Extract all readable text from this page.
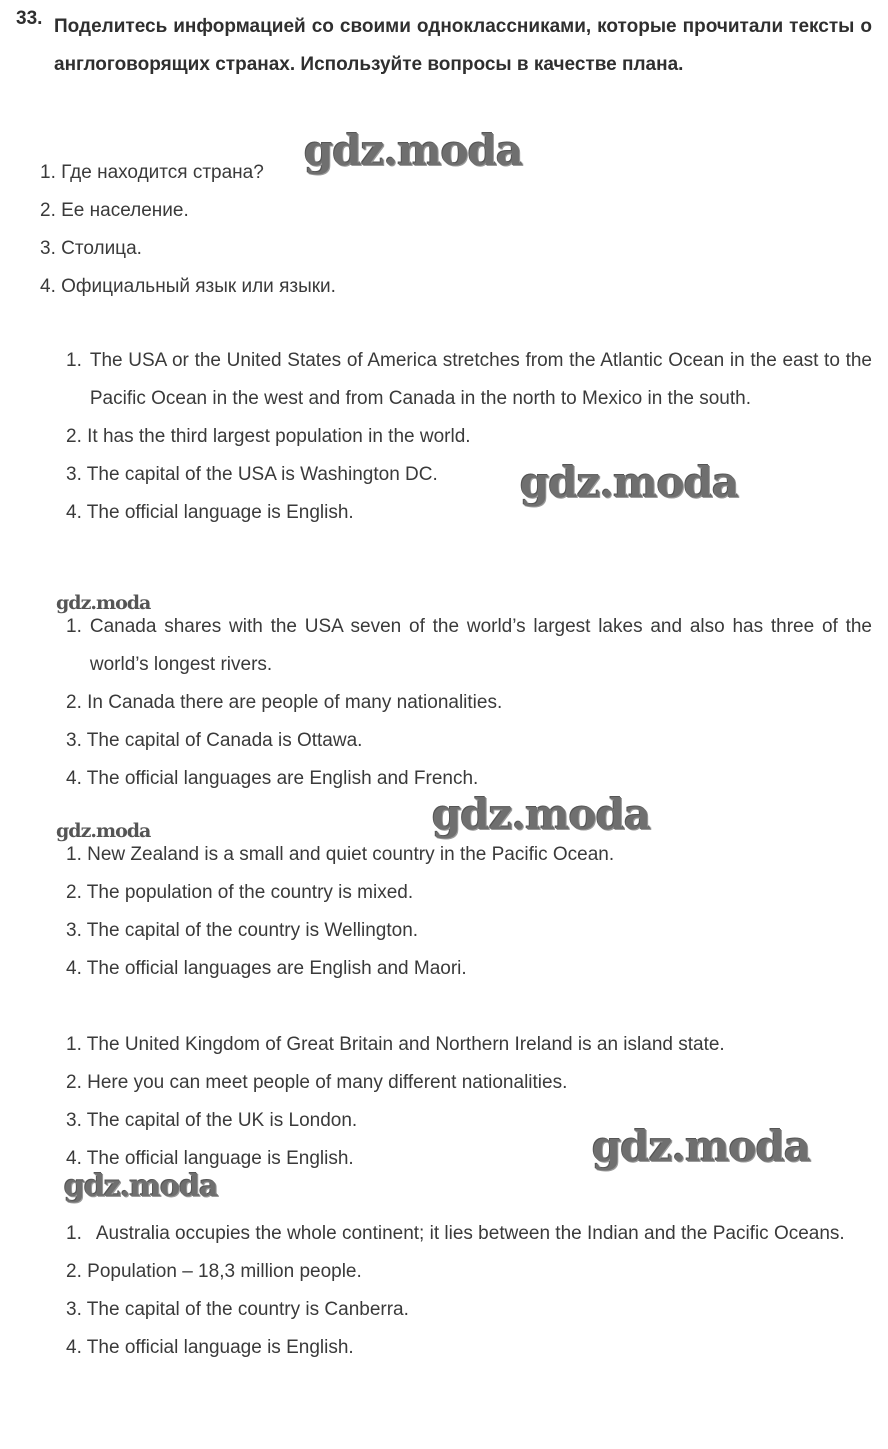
33. Поделитесь информацией со своими одноклассниками, которые прочитали тексты о англоговорящих странах. Используйте вопросы в качестве плана.
1. Где находится страна?
2. Ее население.
3. Столица.
4. Официальный язык или языки.
1. The USA or the United States of America stretches from the Atlantic Ocean in the east to the Pacific Ocean in the west and from Canada in the north to Mexico in the south.
2. It has the third largest population in the world.
3. The capital of the USA is Washington DC.
4. The official language is English.
1. Canada shares with the USA seven of the world’s largest lakes and also has three of the world’s longest rivers.
2. In Canada there are people of many nationalities.
3. The capital of Canada is Ottawa.
4. The official languages are English and French.
1. New Zealand is a small and quiet country in the Pacific Ocean.
2. The population of the country is mixed.
3. The capital of the country is Wellington.
4. The official languages are English and Maori.
1. The United Kingdom of Great Britain and Northern Ireland is an island state.
2. Here you can meet people of many different nationalities.
3. The capital of the UK is London.
4. The official language is English.
1. Australia occupies the whole continent; it lies between the Indian and the Pacific Oceans.
2. Population – 18,3 million people.
3. The capital of the country is Canberra.
4. The official language is English.
gdz.moda
gdz.moda
gdz.moda
gdz.moda	gdz.moda
gdz.moda
gdz.moda
